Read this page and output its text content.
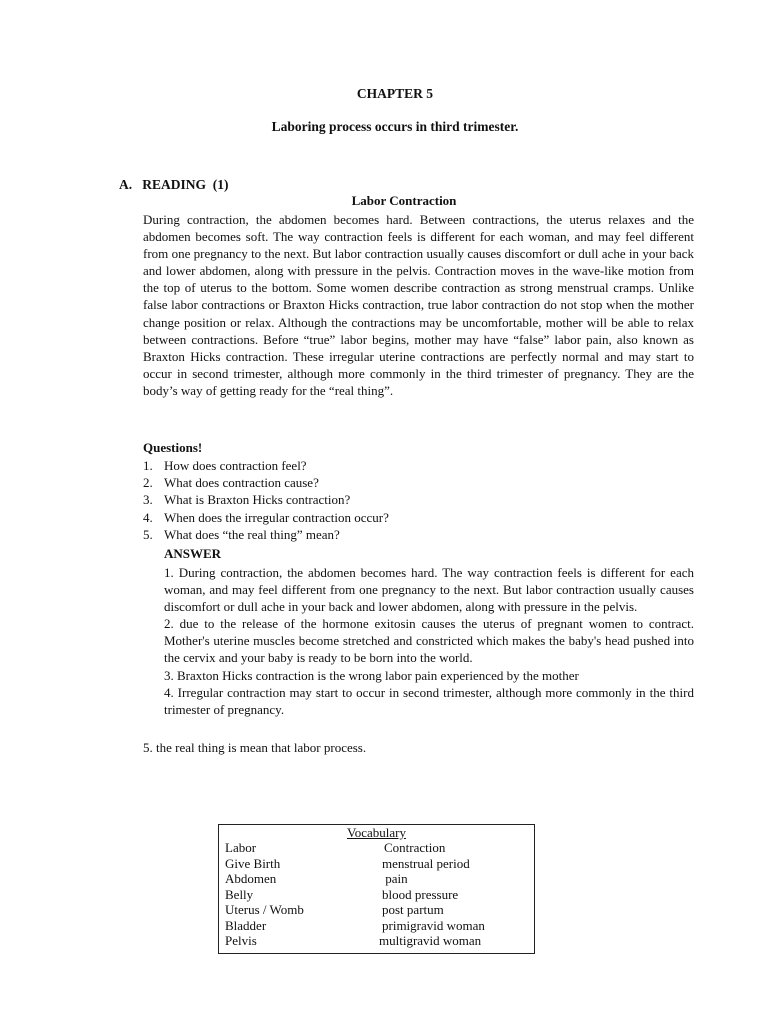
CHAPTER 5
Laboring process occurs in third trimester.
A.   READING  (1)
Labor Contraction
During contraction, the abdomen becomes hard. Between contractions, the uterus relaxes and the abdomen becomes soft. The way contraction feels is different for each woman, and may feel different from one pregnancy to the next. But labor contraction usually causes discomfort or dull ache in your back and lower abdomen, along with pressure in the pelvis. Contraction moves in the wave-like motion from the top of uterus to the bottom. Some women describe contraction as strong menstrual cramps. Unlike false labor contractions or Braxton Hicks contraction, true labor contraction do not stop when the mother change position or relax. Although the contractions may be uncomfortable, mother will be able to relax between contractions. Before “true” labor begins, mother may have “false” labor pain, also known as Braxton Hicks contraction. These irregular uterine contractions are perfectly normal and may start to occur in second trimester, although more commonly in the third trimester of pregnancy. They are the body’s way of getting ready for the “real thing”.
Questions!
1. How does contraction feel?
2. What does contraction cause?
3. What is Braxton Hicks contraction?
4. When does the irregular contraction occur?
5. What does “the real thing” mean?
ANSWER

1. During contraction, the abdomen becomes hard. The way contraction feels is different for each woman, and may feel different from one pregnancy to the next. But labor contraction usually causes discomfort or dull ache in your back and lower abdomen, along with pressure in the pelvis.

2. due to the release of the hormone exitosin causes the uterus of pregnant women to contract. Mother's uterine muscles become stretched and constricted which makes the baby's head pushed into the cervix and your baby is ready to be born into the world.

3. Braxton Hicks contraction is the wrong labor pain experienced by the mother

4. Irregular contraction may start to occur in second trimester, although more commonly in the third trimester of pregnancy.

5. the real thing is mean that labor process.
Vocabulary
Labor	Contraction
Give Birth	menstrual period
Abdomen	pain
Belly	blood pressure
Uterus / Womb	post partum
Bladder	primigravid woman
Pelvis	multigravid woman
